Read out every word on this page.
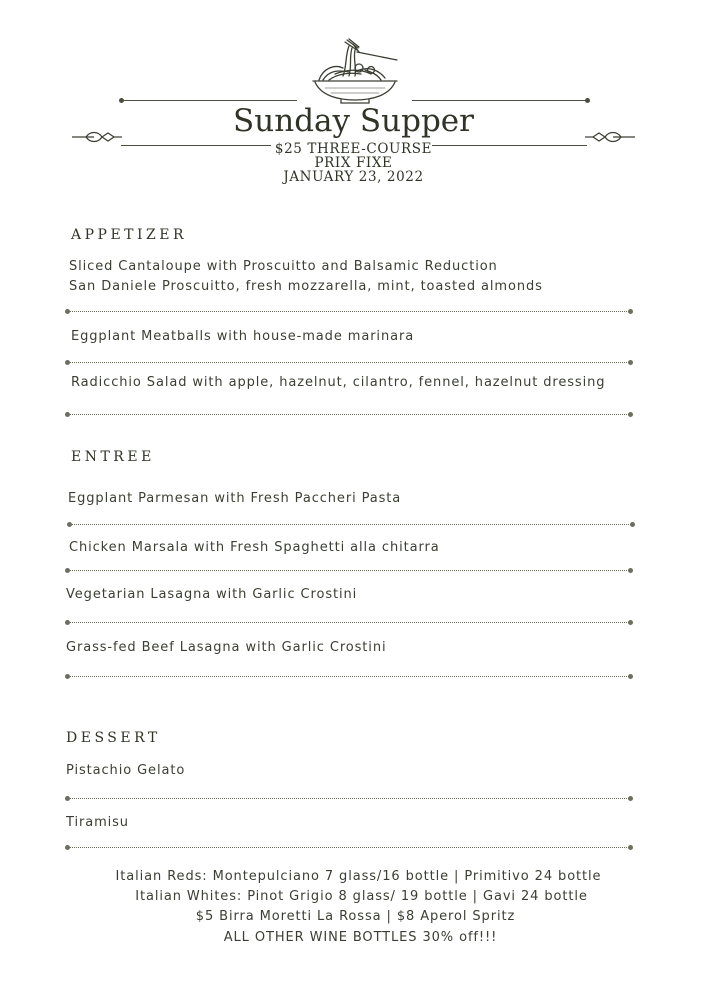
Sunday Supper
$25 THREE-COURSE
PRIX FIXE
JANUARY 23, 2022
APPETIZER
Sliced Cantaloupe with Proscuitto and Balsamic Reduction
San Daniele Proscuitto, fresh mozzarella, mint, toasted almonds
Eggplant Meatballs with house-made marinara
Radicchio Salad with apple, hazelnut, cilantro, fennel, hazelnut dressing
ENTREE
Eggplant Parmesan with Fresh Paccheri Pasta
Chicken Marsala with Fresh Spaghetti alla chitarra
Vegetarian Lasagna with Garlic Crostini
Grass-fed Beef Lasagna with Garlic Crostini
DESSERT
Pistachio Gelato
Tiramisu
Italian Reds: Montepulciano 7 glass/16 bottle | Primitivo 24 bottle
Italian Whites: Pinot Grigio 8 glass/ 19 bottle | Gavi 24 bottle
$5 Birra Moretti La Rossa | $8 Aperol Spritz
ALL OTHER WINE BOTTLES 30% off!!!
